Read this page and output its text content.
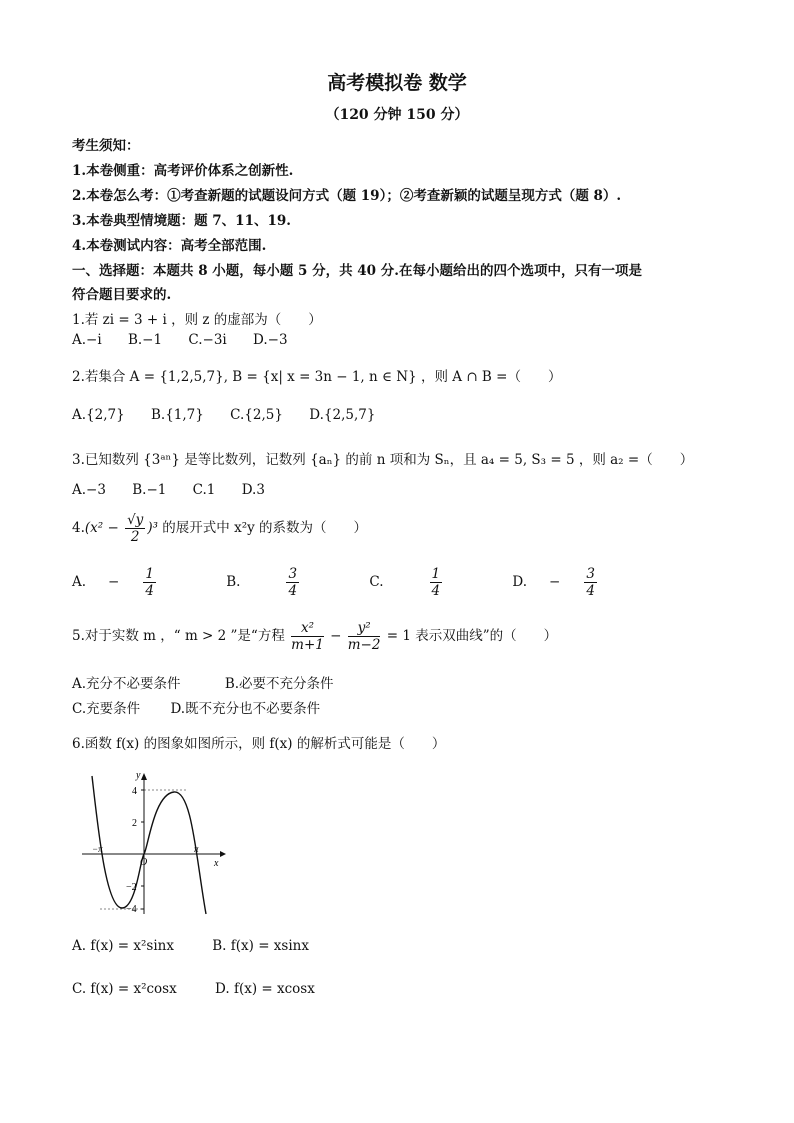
高考模拟卷 数学
（120 分钟 150 分）
考生须知：
1.本卷侧重：高考评价体系之创新性.
2.本卷怎么考：①考查新题的试题设问方式（题 19）；②考查新颖的试题呈现方式（题 8）.
3.本卷典型情境题：题 7、11、19.
4.本卷测试内容：高考全部范围.
一、选择题：本题共 8 小题，每小题 5 分，共 40 分.在每小题给出的四个选项中，只有一项是
符合题目要求的.
1.若 zi = 3 + i ，则 z 的虚部为（　　）
A.−i B.−1 C.−3i D.−3
2.若集合 A = {1,2,5,7}, B = {x| x = 3n − 1, n ∈ N} ，则 A ∩ B =（　　）
A.{2,7} B.{1,7} C.{2,5} D.{2,5,7}
3.已知数列 {3ᵃⁿ} 是等比数列，记数列 {aₙ} 的前 n 项和为 Sₙ，且 a₄ = 5, S₃ = 5 ，则 a₂ =（　　）
A.−3 B.−1 C.1 D.3
$4.(x^2 - \frac{√y}{2} )^3$ 的展开式中 x²y 的系数为（　　）
A. − $\frac{1}{4}$	B.	$\frac{3}{4}$	C.	$\frac{1}{4}$	D. − $\frac{3}{4}$
5.对于实数 m ，“ m > 2 ”是“方程 $\frac{\text{x²}}{m+1} - \frac{\text{y²}}{m-2} = 1$ 表示双曲线”的（　　）
A.充分不必要条件	B.必要不充分条件
C.充要条件 D.既不充分也不必要条件
6.函数 f(x) 的图象如图所示，则 f(x) 的解析式可能是（　　）
4
2
−2
−4
O
−π	π
x
y
A. f(x) = x²sinx	B. f(x) = xsinx
C. f(x) = x²cosx	D. f(x) = xcosx
